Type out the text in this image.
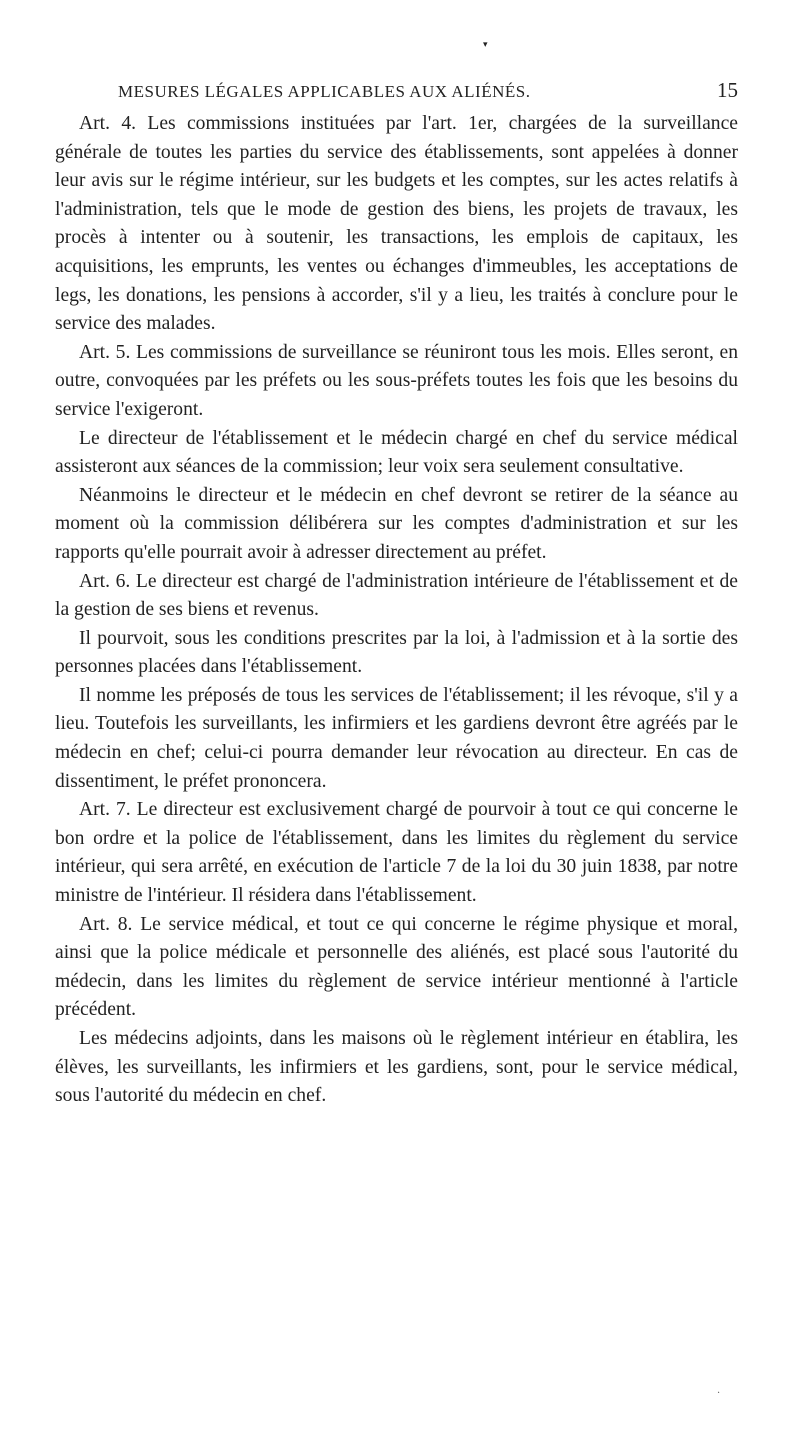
▾
MESURES LÉGALES APPLICABLES AUX ALIÉNÉS.	15

Art. 4. Les commissions instituées par l'art. 1er, chargées de la surveillance générale de toutes les parties du service des établissements, sont appelées à donner leur avis sur le régime intérieur, sur les budgets et les comptes, sur les actes relatifs à l'administration, tels que le mode de gestion des biens, les projets de travaux, les procès à intenter ou à soutenir, les transactions, les emplois de capitaux, les acquisitions, les emprunts, les ventes ou échanges d'immeubles, les acceptations de legs, les donations, les pensions à accorder, s'il y a lieu, les traités à conclure pour le service des malades.

Art. 5. Les commissions de surveillance se réuniront tous les mois. Elles seront, en outre, convoquées par les préfets ou les sous-préfets toutes les fois que les besoins du service l'exigeront.

Le directeur de l'établissement et le médecin chargé en chef du service médical assisteront aux séances de la commission; leur voix sera seulement consultative.

Néanmoins le directeur et le médecin en chef devront se retirer de la séance au moment où la commission délibérera sur les comptes d'administration et sur les rapports qu'elle pourrait avoir à adresser directement au préfet.

Art. 6. Le directeur est chargé de l'administration intérieure de l'établissement et de la gestion de ses biens et revenus.

Il pourvoit, sous les conditions prescrites par la loi, à l'admission et à la sortie des personnes placées dans l'établissement.

Il nomme les préposés de tous les services de l'établissement; il les révoque, s'il y a lieu. Toutefois les surveillants, les infirmiers et les gardiens devront être agréés par le médecin en chef; celui-ci pourra demander leur révocation au directeur. En cas de dissentiment, le préfet prononcera.

Art. 7. Le directeur est exclusivement chargé de pourvoir à tout ce qui concerne le bon ordre et la police de l'établissement, dans les limites du règlement du service intérieur, qui sera arrêté, en exécution de l'article 7 de la loi du 30 juin 1838, par notre ministre de l'intérieur. Il résidera dans l'établissement.

Art. 8. Le service médical, et tout ce qui concerne le régime physique et moral, ainsi que la police médicale et personnelle des aliénés, est placé sous l'autorité du médecin, dans les limites du règlement de service intérieur mentionné à l'article précédent.

Les médecins adjoints, dans les maisons où le règlement intérieur en établira, les élèves, les surveillants, les infirmiers et les gardiens, sont, pour le service médical, sous l'autorité du médecin en chef.

·
